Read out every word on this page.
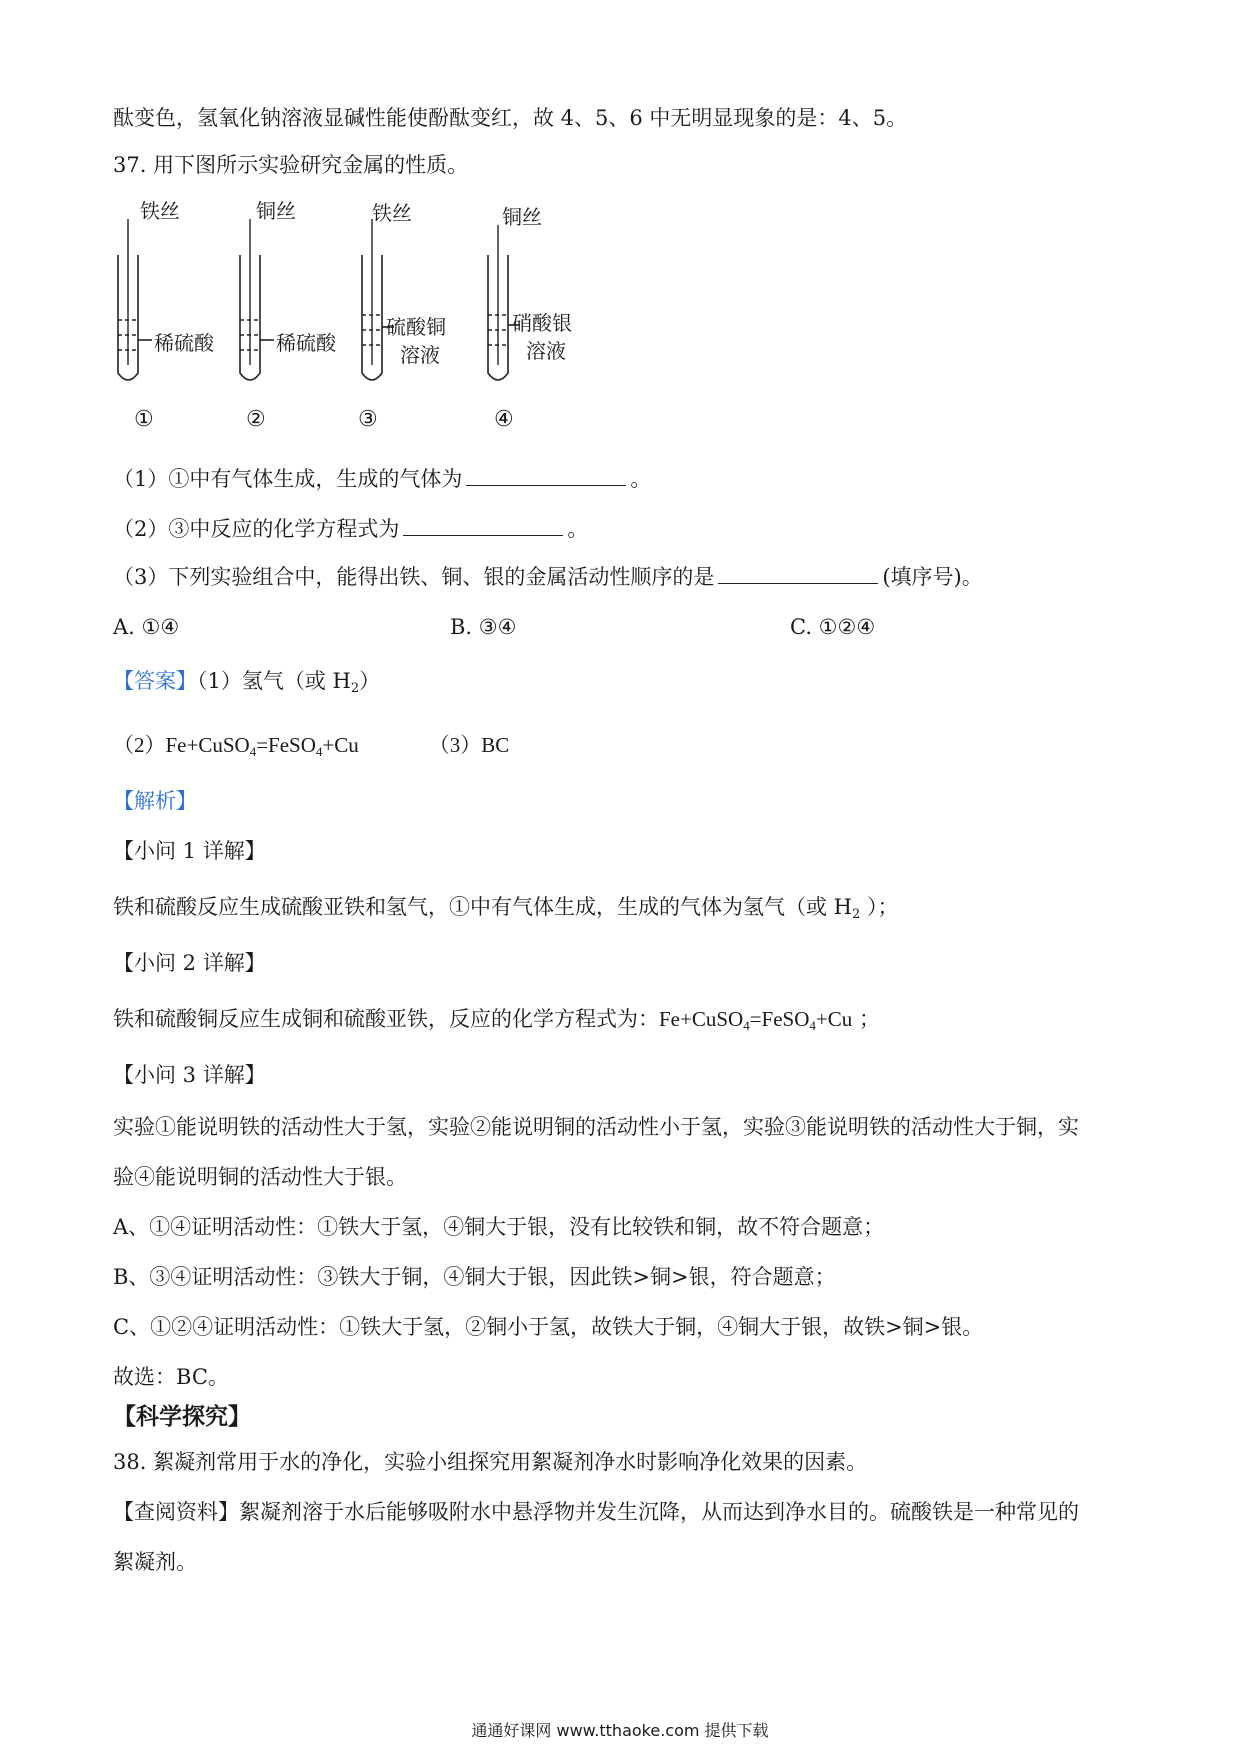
酞变色，氢氧化钠溶液显碱性能使酚酞变红，故 4、5、6 中无明显现象的是：4、5。
37. 用下图所示实验研究金属的性质。
铁丝	铜丝	铁丝	铜丝
稀硫酸	稀硫酸
硫酸铜
溶液
硝酸银
溶液
①	②	③	④
（1）①中有气体生成，生成的气体为	。
（2）③中反应的化学方程式为	。
（3）下列实验组合中，能得出铁、铜、银的金属活动性顺序的是	(填序号)。
A. ①④	B. ③④	C. ①②④
【答案】（1）氢气（或 $H_2$）
（2）Fe+CuSO$_4$=FeSO$_4$+Cu	（3）BC
【解析】
【小问 1 详解】
铁和硫酸反应生成硫酸亚铁和氢气，①中有气体生成，生成的气体为氢气（或 $H_2$ ）；
【小问 2 详解】
铁和硫酸铜反应生成铜和硫酸亚铁，反应的化学方程式为：Fe+CuSO$_4$=FeSO$_4$+Cu ；
【小问 3 详解】
实验①能说明铁的活动性大于氢，实验②能说明铜的活动性小于氢，实验③能说明铁的活动性大于铜，实
验④能说明铜的活动性大于银。
A、①④证明活动性：①铁大于氢，④铜大于银，没有比较铁和铜，故不符合题意；
B、③④证明活动性：③铁大于铜，④铜大于银，因此铁>铜>银，符合题意；
C、①②④证明活动性：①铁大于氢，②铜小于氢，故铁大于铜，④铜大于银，故铁>铜>银。
故选：BC。
【科学探究】
38. 絮凝剂常用于水的净化，实验小组探究用絮凝剂净水时影响净化效果的因素。
【查阅资料】絮凝剂溶于水后能够吸附水中悬浮物并发生沉降，从而达到净水目的。硫酸铁是一种常见的
絮凝剂。
通通好课网 www.tthaoke.com 提供下载
